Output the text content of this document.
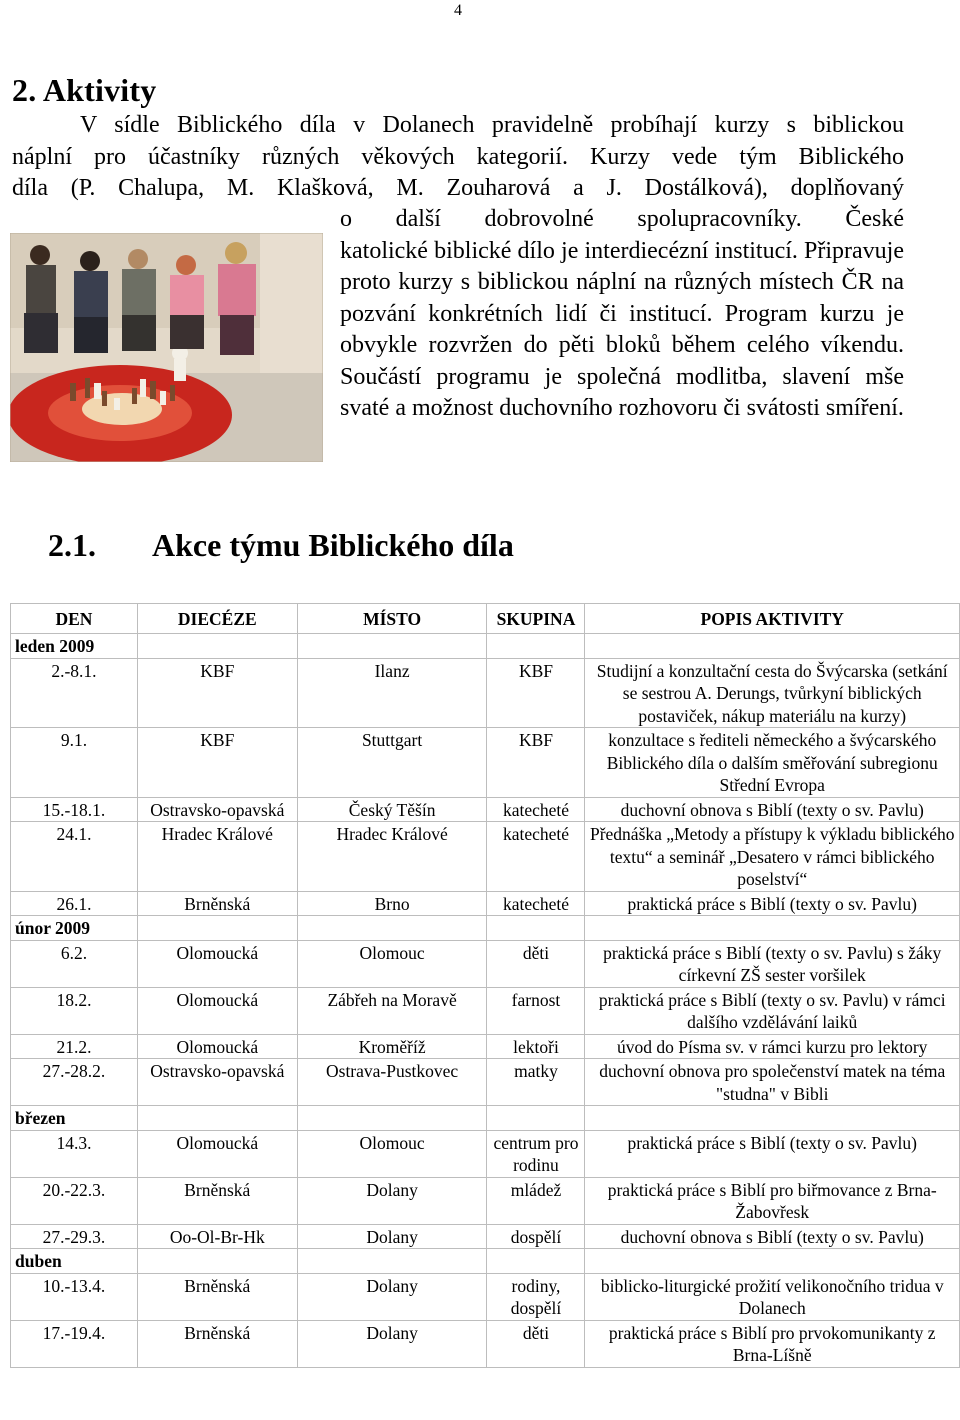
4
2. Aktivity
V sídle Biblického díla v Dolanech pravidelně probíhají kurzy s biblickou
náplní pro účastníky různých věkových kategorií. Kurzy vede tým Biblického
díla (P. Chalupa, M. Klašková, M. Zouharová a J. Dostálková), doplňovaný
o další dobrovolné spolupracovníky. České
katolické biblické dílo je interdiecézní institucí. Připravuje proto kurzy s biblickou náplní na různých místech ČR na pozvání konkrétních lidí či institucí. Program kurzu je obvykle rozvržen do pěti bloků během celého víkendu. Součástí programu je společná modlitba, slavení mše svaté a možnost duchovního rozhovoru či svátosti smíření.
2.1. Akce týmu Biblického díla
DEN	DIECÉZE	MÍSTO	SKUPINA	POPIS AKTIVITY
leden 2009				
2.-8.1.	KBF	Ilanz	KBF	Studijní a konzultační cesta do Švýcarska (setkání se sestrou A. Derungs, tvůrkyní biblických postaviček, nákup materiálu na kurzy)
9.1.	KBF	Stuttgart	KBF	konzultace s řediteli německého a švýcarského Biblického díla o dalším směřování subregionu Střední Evropa
15.-18.1.	Ostravsko-opavská	Český Těšín	katecheté	duchovní obnova s Biblí (texty o sv. Pavlu)
24.1.	Hradec Králové	Hradec Králové	katecheté	Přednáška „Metody a přístupy k výkladu biblického textu“ a seminář „Desatero v rámci biblického poselství“
26.1.	Brněnská	Brno	katecheté	praktická práce s Biblí (texty o sv. Pavlu)
únor 2009				
6.2.	Olomoucká	Olomouc	děti	praktická práce s Biblí (texty o sv. Pavlu) s žáky církevní ZŠ sester voršilek
18.2.	Olomoucká	Zábřeh na Moravě	farnost	praktická práce s Biblí (texty o sv. Pavlu) v rámci dalšího vzdělávání laiků
21.2.	Olomoucká	Kroměříž	lektoři	úvod do Písma sv. v rámci kurzu pro lektory
27.-28.2.	Ostravsko-opavská	Ostrava-Pustkovec	matky	duchovní obnova pro společenství matek na téma "studna" v Bibli
březen				
14.3.	Olomoucká	Olomouc	centrum pro rodinu	praktická práce s Biblí (texty o sv. Pavlu)
20.-22.3.	Brněnská	Dolany	mládež	praktická práce s Biblí pro biřmovance z Brna-Žabovřesk
27.-29.3.	Oo-Ol-Br-Hk	Dolany	dospělí	duchovní obnova s Biblí (texty o sv. Pavlu)
duben				
10.-13.4.	Brněnská	Dolany	rodiny, dospělí	biblicko-liturgické prožití velikonočního tridua v Dolanech
17.-19.4.	Brněnská	Dolany	děti	praktická práce s Biblí pro prvokomunikanty z Brna-Líšně
